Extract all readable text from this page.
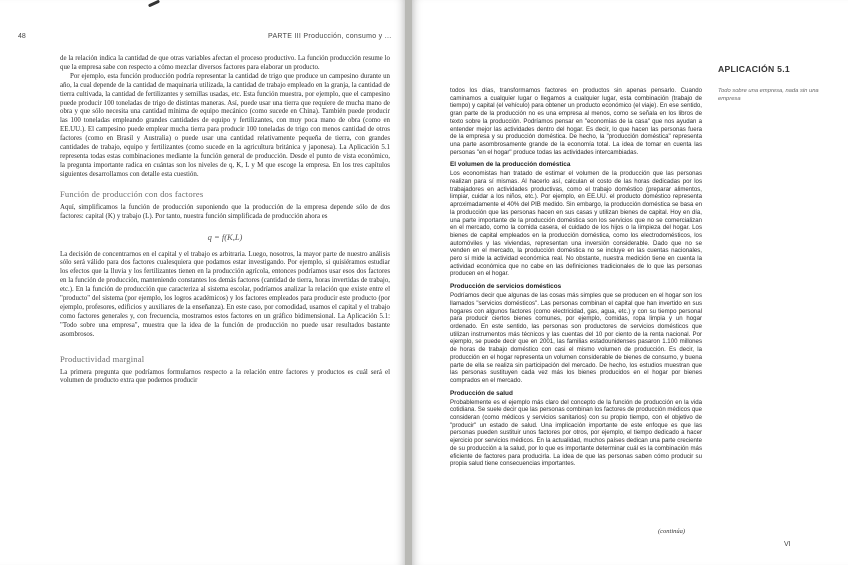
48	PARTE III Producción, consumo y ...

de la relación indica la cantidad de que otras variables afectan el proceso productivo. La función producción resume lo que la empresa sabe con respecto a cómo mezclar diversos factores para elaborar un producto.

Por ejemplo, esta función producción podría representar la cantidad de trigo que produce un campesino durante un año, la cual depende de la cantidad de maquinaria utilizada, la cantidad de trabajo empleado en la granja, la cantidad de tierra cultivada, la cantidad de fertilizantes y semillas usadas, etc. Esta función muestra, por ejemplo, que el campesino puede producir 100 toneladas de trigo de distintas maneras. Así, puede usar una tierra que requiere de mucha mano de obra y que sólo necesita una cantidad mínima de equipo mecánico (como sucede en China). También puede producir las 100 toneladas empleando grandes cantidades de equipo y fertilizantes, con muy poca mano de obra (como en EE.UU.). El campesino puede emplear mucha tierra para producir 100 toneladas de trigo con menos cantidad de otros factores (como en Brasil y Australia) o puede usar una cantidad relativamente pequeña de tierra, con grandes cantidades de trabajo, equipo y fertilizantes (como sucede en la agricultura británica y japonesa). La Aplicación 5.1 representa todas estas combinaciones mediante la función general de producción. Desde el punto de vista económico, la pregunta importante radica en cuántas son los niveles de q, K, L y M que escoge la empresa. En los tres capítulos siguientes desarrollamos con detalle esta cuestión.

Función de producción con dos factores

Aquí, simplificamos la función de producción suponiendo que la producción de la empresa depende sólo de dos factores: capital (K) y trabajo (L). Por tanto, nuestra función simplificada de producción ahora es

q = f(K,L)

La decisión de concentrarnos en el capital y el trabajo es arbitraria. Luego, nosotros, la mayor parte de nuestro análisis sólo será válido para dos factores cualesquiera que podamos estar investigando. Por ejemplo, si quisiéramos estudiar los efectos que la lluvia y los fertilizantes tienen en la producción agrícola, entonces podríamos usar esos dos factores en la función de producción, manteniendo constantes los demás factores (cantidad de tierra, horas invertidas de trabajo, etc.). En la función de producción que caracteriza al sistema escolar, podríamos analizar la relación que existe entre el "producto" del sistema (por ejemplo, los logros académicos) y los factores empleados para producir este producto (por ejemplo, profesores, edificios y auxiliares de la enseñanza). En este caso, por comodidad, usamos el capital y el trabajo como factores generales y, con frecuencia, mostramos estos factores en un gráfico bidimensional. La Aplicación 5.1: "Todo sobre una empresa", muestra que la idea de la función de producción no puede usar resultados bastante asombrosos.

Productividad marginal

La primera pregunta que podríamos formularnos respecto a la relación entre factores y productos es cuál será el volumen de producto extra que podemos producir

APLICACIÓN 5.1
Todo sobre una empresa, nada sin una empresa

todos los días, transformamos factores en productos sin apenas pensarlo. Cuando caminamos a cualquier lugar o llegamos a cualquier lugar, esta combinación (trabajo de tiempo) y capital (el vehículo) para obtener un producto económico (el viaje). En ese sentido, gran parte de la producción no es una empresa al menos, como se señala en los libros de texto sobre la producción. Podríamos pensar en "economías de la casa" que nos ayudan a entender mejor las actividades dentro del hogar. Es decir, lo que hacen las personas fuera de la empresa y su producción doméstica. De hecho, la "producción doméstica" representa una parte asombrosamente grande de la economía total. La idea de tomar en cuenta las personas "en el hogar" produce todas las actividades intercambiadas.

El volumen de la producción doméstica

Los economistas han tratado de estimar el volumen de la producción que las personas realizan para sí mismas. Al hacerlo así, calculan el costo de las horas dedicadas por los trabajadores en actividades productivas, como el trabajo doméstico (preparar alimentos, limpiar, cuidar a los niños, etc.). Por ejemplo, en EE.UU. el producto doméstico representa aproximadamente el 40% del PIB medido. Sin embargo, la producción doméstica se basa en la producción que las personas hacen en sus casas y utilizan bienes de capital. Hoy en día, una parte importante de la producción doméstica son los servicios que no se comercializan en el mercado, como la comida casera, el cuidado de los hijos o la limpieza del hogar. Los bienes de capital empleados en la producción doméstica, como los electrodomésticos, los automóviles y las viviendas, representan una inversión considerable. Dado que no se venden en el mercado, la producción doméstica no se incluye en las cuentas nacionales, pero sí mide la actividad económica real. No obstante, nuestra medición tiene en cuenta la actividad económica que no cabe en las definiciones tradicionales de lo que las personas producen en el hogar.

Producción de servicios domésticos

Podríamos decir que algunas de las cosas más simples que se producen en el hogar son los llamados "servicios domésticos". Las personas combinan el capital que han invertido en sus hogares con algunos factores (como electricidad, gas, agua, etc.) y con su tiempo personal para producir ciertos bienes comunes, por ejemplo, comidas, ropa limpia y un hogar ordenado. En este sentido, las personas son productores de servicios domésticos que utilizan instrumentos más técnicos y las cuentas del 10 por ciento de la renta nacional. Por ejemplo, se puede decir que en 2001, las familias estadounidenses pasaron 1.100 millones de horas de trabajo doméstico con casi el mismo volumen de producción. Es decir, la producción en el hogar representa un volumen considerable de bienes de consumo, y buena parte de ella se realiza sin participación del mercado. De hecho, los estudios muestran que las personas sustituyen cada vez más los bienes producidos en el hogar por bienes comprados en el mercado.

Producción de salud

Probablemente es el ejemplo más claro del concepto de la función de producción en la vida cotidiana. Se suele decir que las personas combinan los factores de producción médicos que consideran (como médicos y servicios sanitarios) con su propio tiempo, con el objetivo de "producir" un estado de salud. Una implicación importante de este enfoque es que las personas pueden sustituir unos factores por otros, por ejemplo, el tiempo dedicado a hacer ejercicio por servicios médicos. En la actualidad, muchos países dedican una parte creciente de su producción a la salud, por lo que es importante determinar cuál es la combinación más eficiente de factores para producirla. La idea de que las personas saben cómo producir su propia salud tiene consecuencias importantes.

(continúa)
VI
